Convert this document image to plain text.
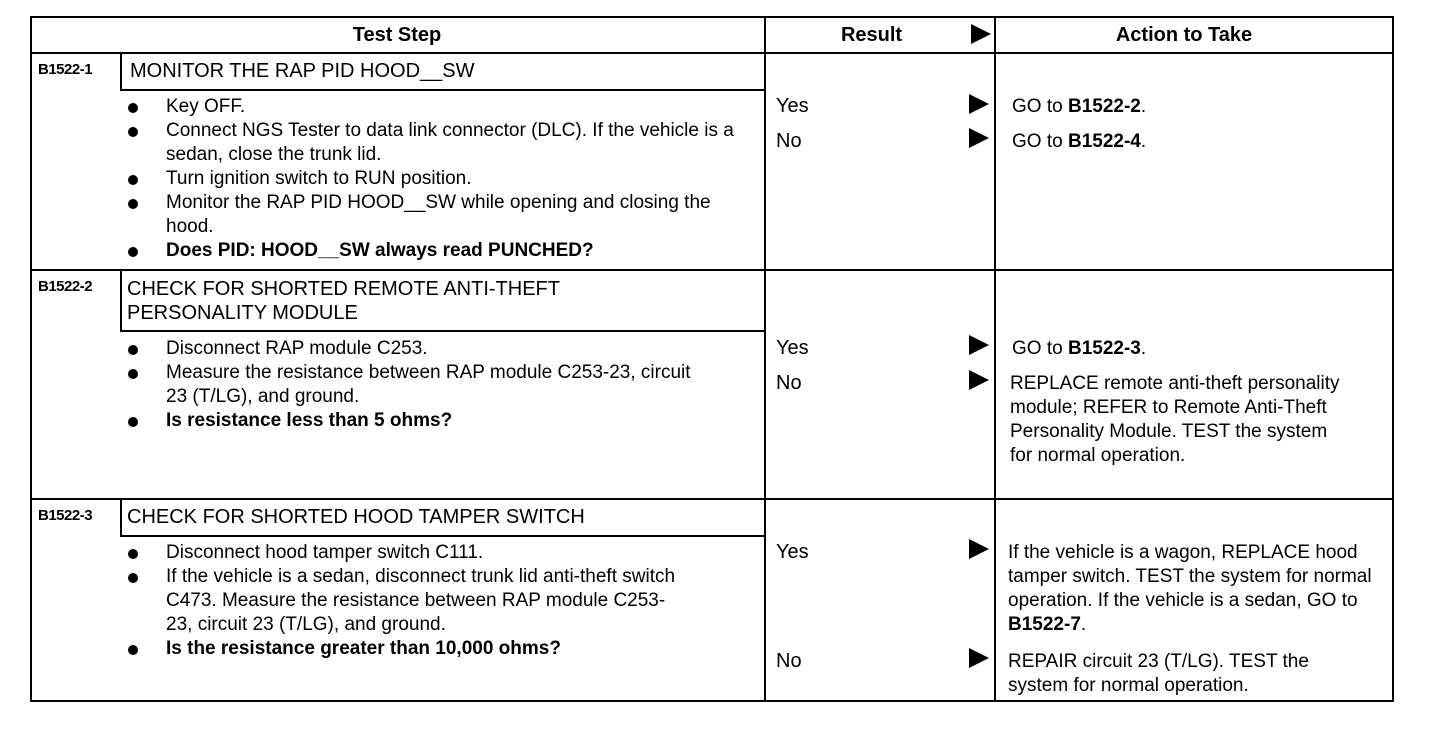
Test Step	Result	Action to Take
B1522-1 MONITOR THE RAP PID HOOD__SW
Key OFF.
Connect NGS Tester to data link connector (DLC). If the vehicle is a sedan, close the trunk lid.
Turn ignition switch to RUN position.
Monitor the RAP PID HOOD__SW while opening and closing the hood.
Does PID: HOOD__SW always read PUNCHED?
Yes	GO to B1522-2.
No	GO to B1522-4.
B1522-2 CHECK FOR SHORTED REMOTE ANTI-THEFT PERSONALITY MODULE
Disconnect RAP module C253.
Measure the resistance between RAP module C253-23, circuit 23 (T/LG), and ground.
Is resistance less than 5 ohms?
Yes	GO to B1522-3.
No	REPLACE remote anti-theft personality module; REFER to Remote Anti-Theft Personality Module. TEST the system for normal operation.
B1522-3 CHECK FOR SHORTED HOOD TAMPER SWITCH
Disconnect hood tamper switch C111.
If the vehicle is a sedan, disconnect trunk lid anti-theft switch C473. Measure the resistance between RAP module C253-23, circuit 23 (T/LG), and ground.
Is the resistance greater than 10,000 ohms?
Yes	If the vehicle is a wagon, REPLACE hood tamper switch. TEST the system for normal operation. If the vehicle is a sedan, GO to B1522-7.
No	REPAIR circuit 23 (T/LG). TEST the system for normal operation.
